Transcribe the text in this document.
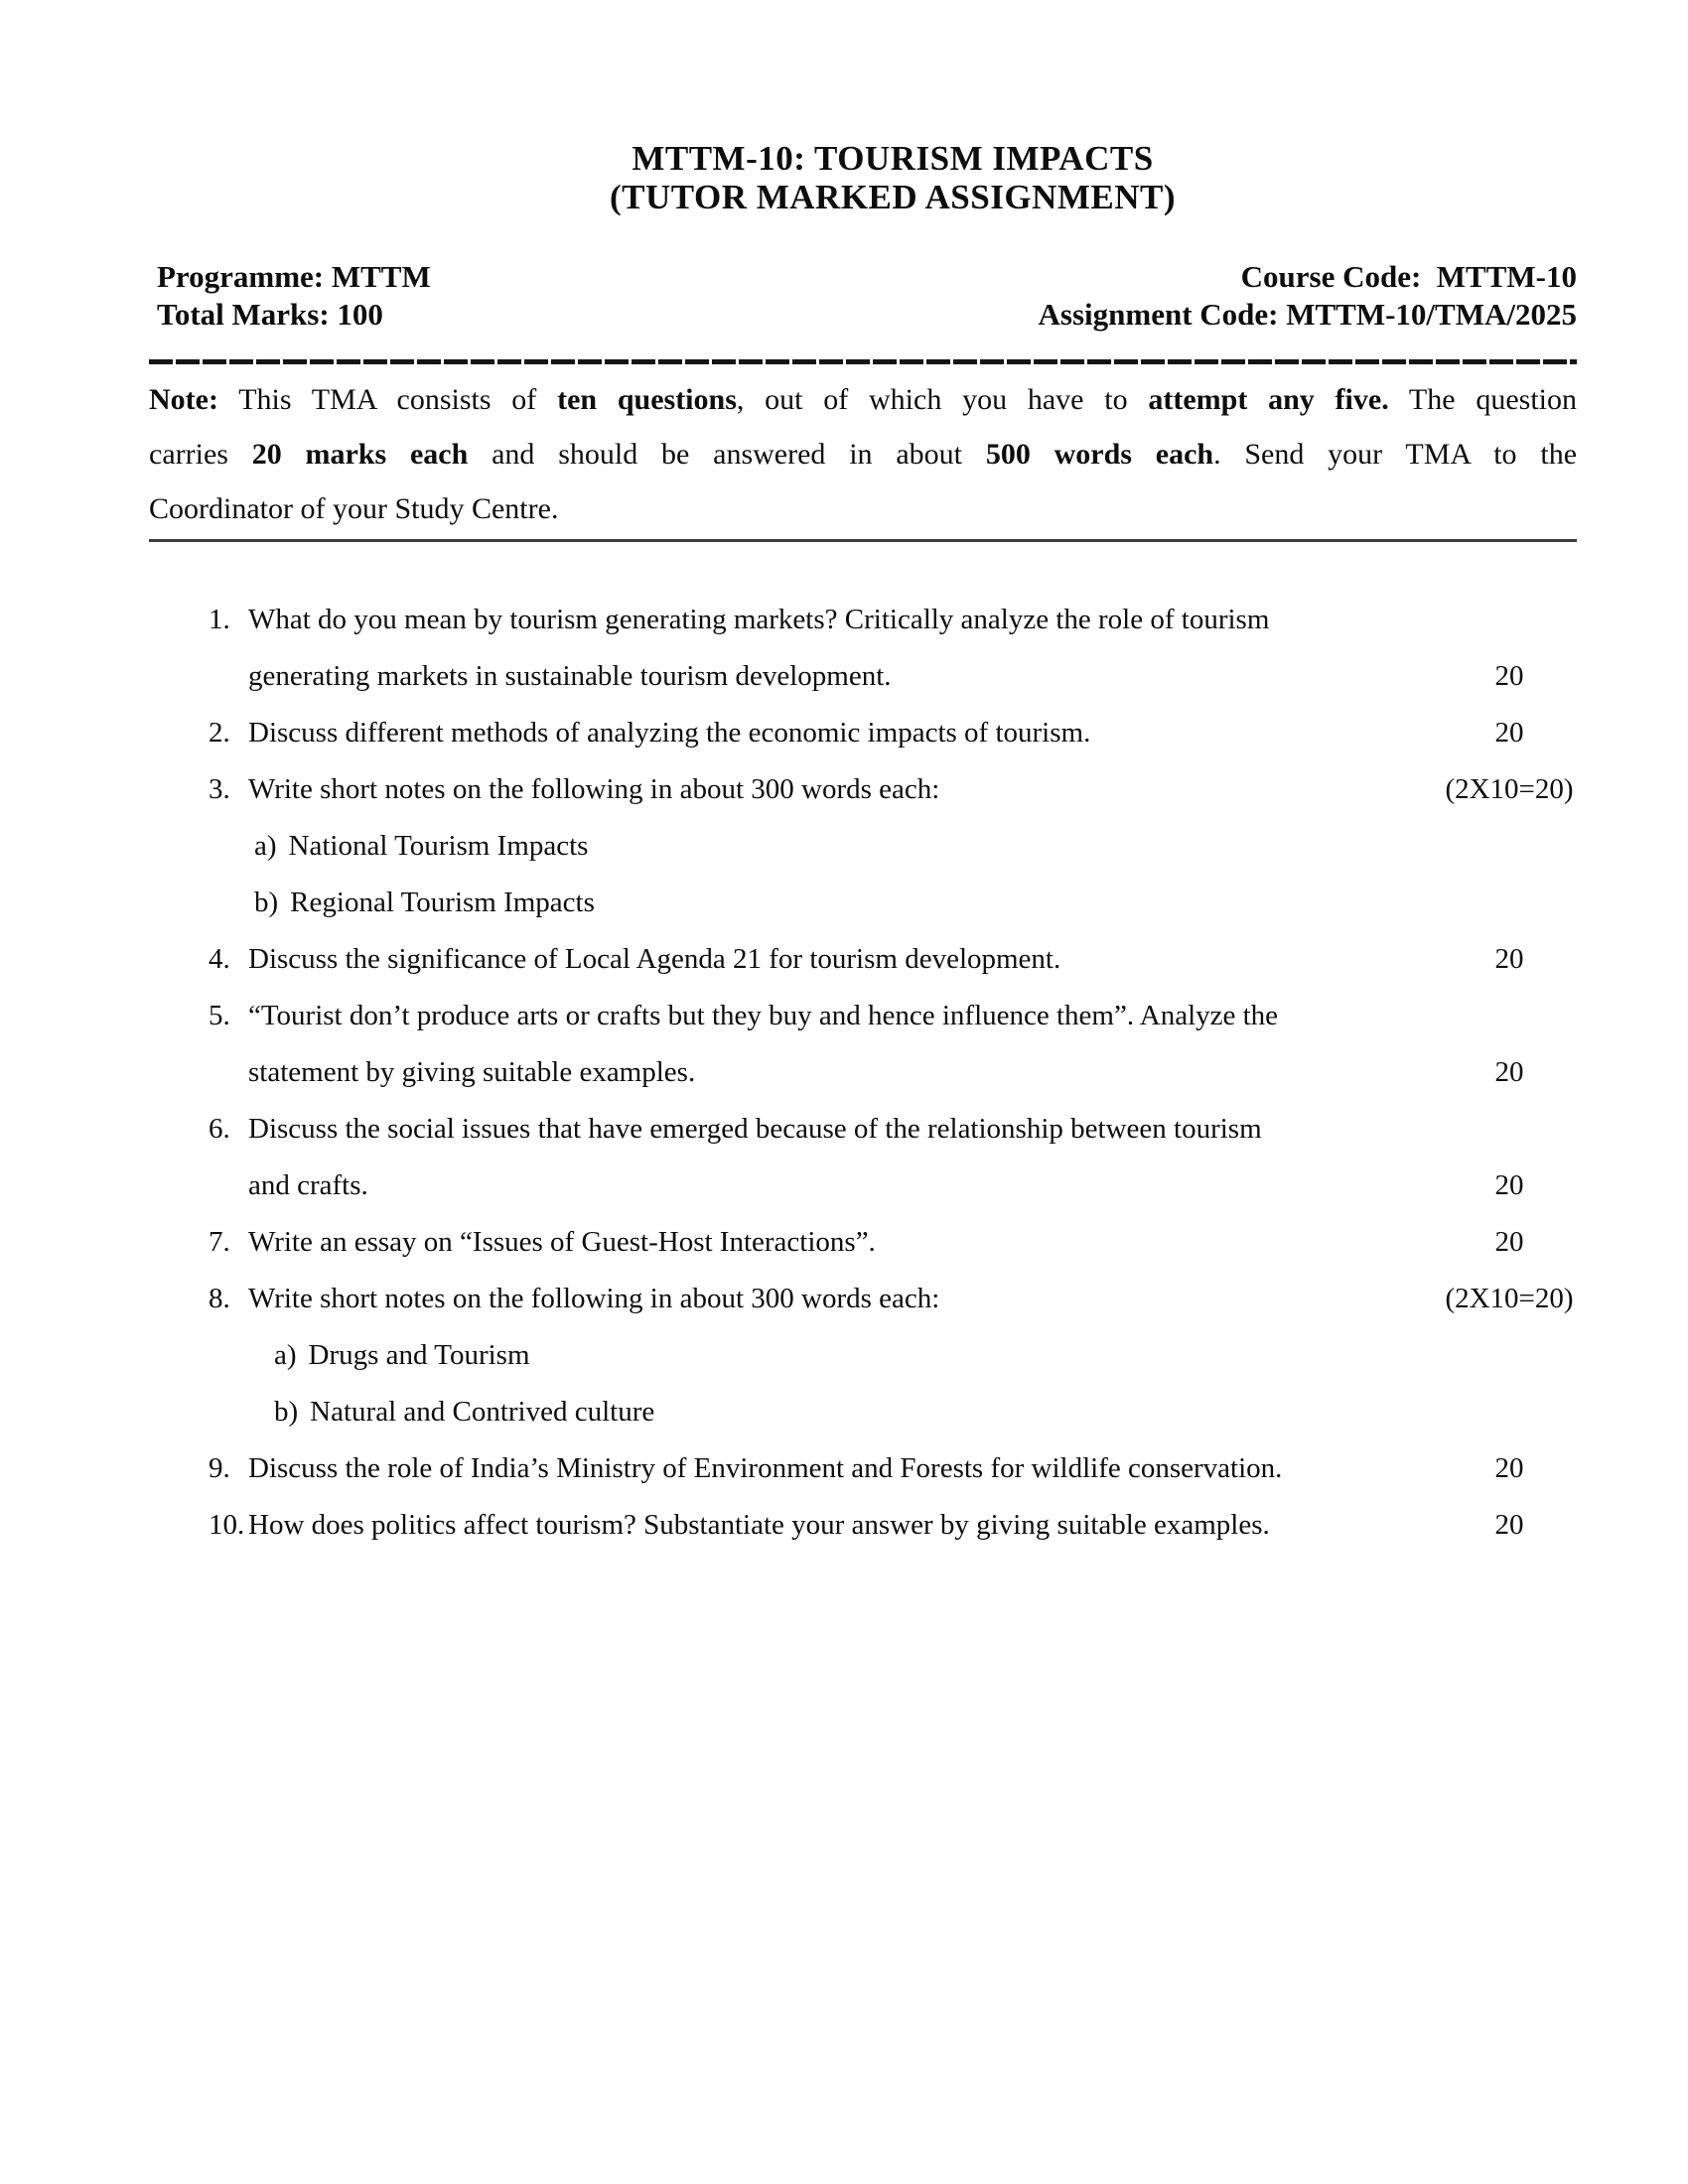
MTTM-10: TOURISM IMPACTS
(TUTOR MARKED ASSIGNMENT)
Programme: MTTM	Course Code:  MTTM-10
Total Marks: 100	Assignment Code: MTTM-10/TMA/2025
Note: This TMA consists of ten questions, out of which you have to attempt any five. The question
carries 20 marks each and should be answered in about 500 words each. Send your TMA to the
Coordinator of your Study Centre.
1. What do you mean by tourism generating markets? Critically analyze the role of tourism
generating markets in sustainable tourism development.	20
2. Discuss different methods of analyzing the economic impacts of tourism.	20
3. Write short notes on the following in about 300 words each:	(2X10=20)
a) National Tourism Impacts
b) Regional Tourism Impacts
4. Discuss the significance of Local Agenda 21 for tourism development.	20
5. “Tourist don’t produce arts or crafts but they buy and hence influence them”. Analyze the
statement by giving suitable examples.	20
6. Discuss the social issues that have emerged because of the relationship between tourism
and crafts.	20
7. Write an essay on “Issues of Guest-Host Interactions”.	20
8. Write short notes on the following in about 300 words each:	(2X10=20)
a) Drugs and Tourism
b) Natural and Contrived culture
9. Discuss the role of India’s Ministry of Environment and Forests for wildlife conservation.	20
10. How does politics affect tourism? Substantiate your answer by giving suitable examples.	20
